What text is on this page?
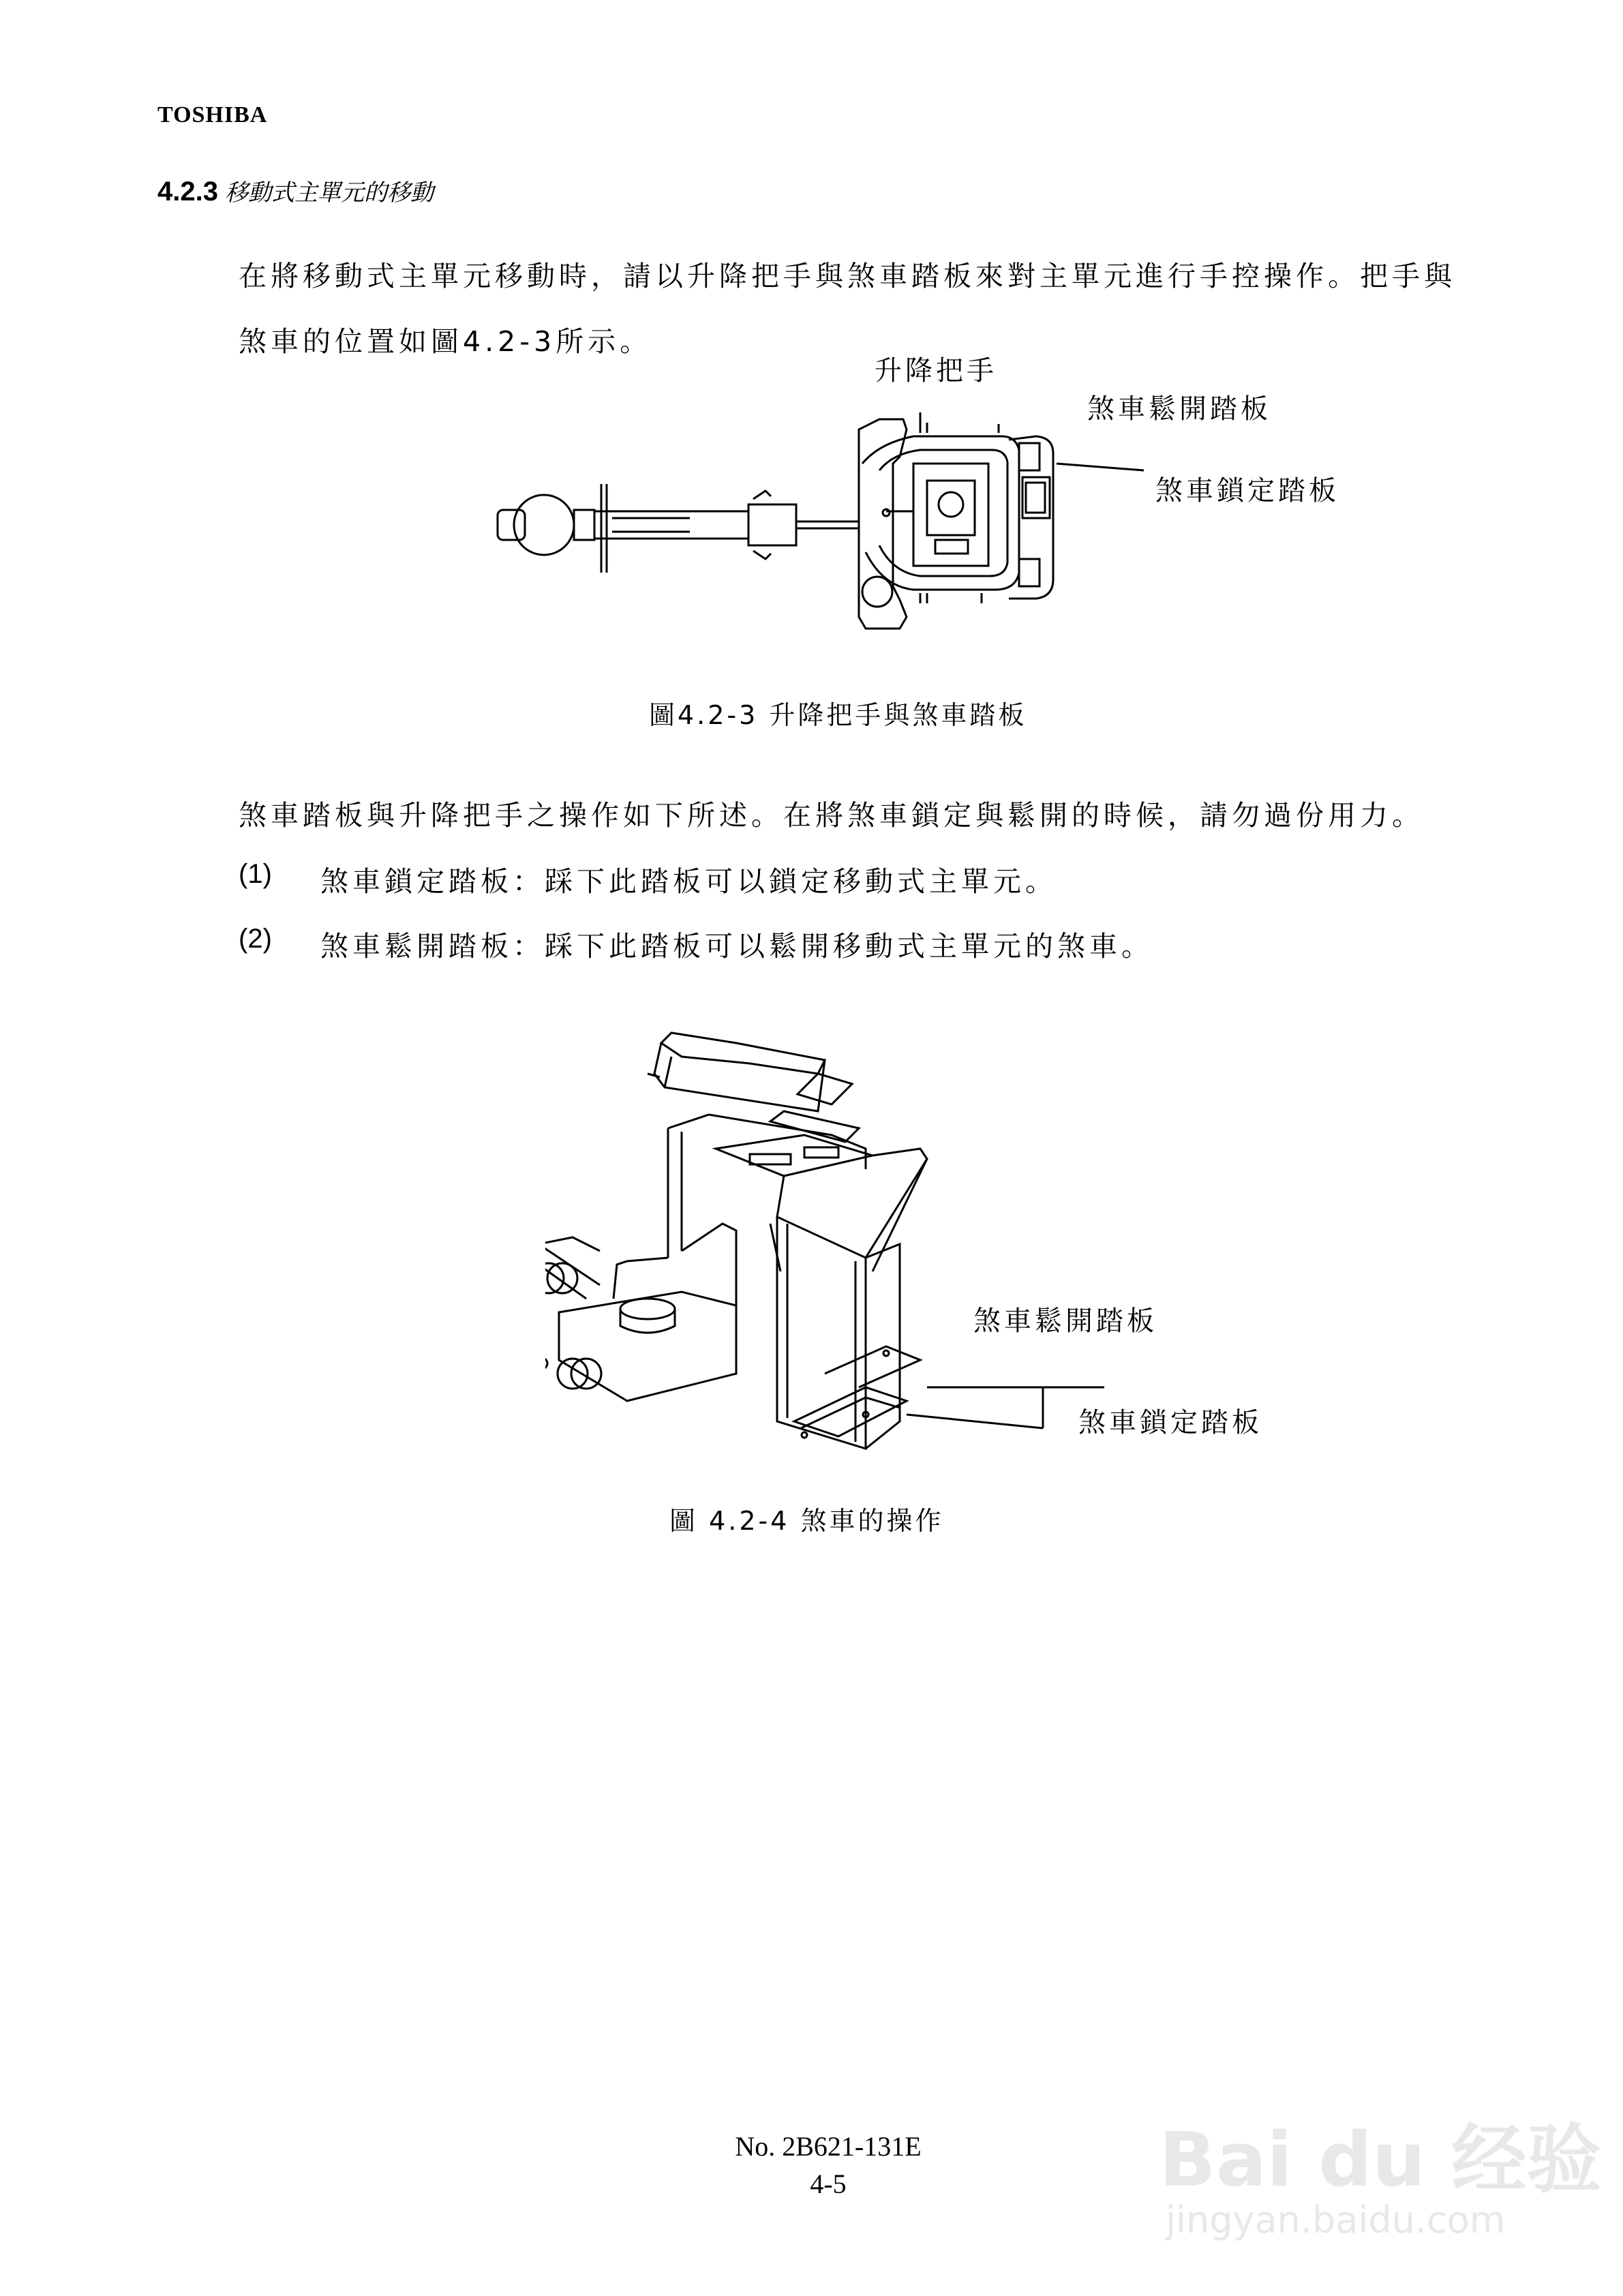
TOSHIBA
4.2.3 移動式主單元的移動
在將移動式主單元移動時，請以升降把手與煞車踏板來對主單元進行手控操作。把手與
煞車的位置如圖4.2-3所示。
升降把手
煞車鬆開踏板
煞車鎖定踏板
圖4.2-3 升降把手與煞車踏板
煞車踏板與升降把手之操作如下所述。在將煞車鎖定與鬆開的時候，請勿過份用力。
(1) 煞車鎖定踏板：踩下此踏板可以鎖定移動式主單元。
(2) 煞車鬆開踏板：踩下此踏板可以鬆開移動式主單元的煞車。
煞車鬆開踏板
煞車鎖定踏板
圖 4.2-4 煞車的操作
No. 2B621-131E
4-5	Bai du 经验
jingyan.baidu.com
